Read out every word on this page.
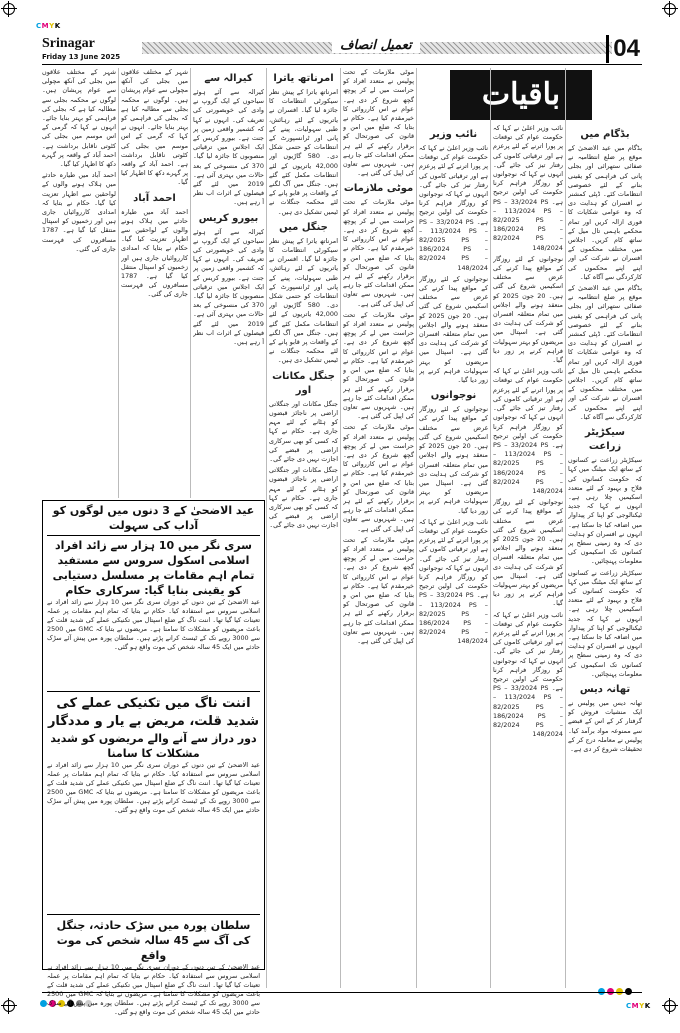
CMYK
CMYK
Srinagar
Friday 13 June 2025
تعمیل انصاف	04
باقیات
بڈگام میں
بڈگام میں عید الاضحیٰ کے موقع پر ضلع انتظامیہ نے صفائی ستھرائی اور بجلی پانی کی فراہمی کو یقینی بنانے کے لئے خصوصی انتظامات کئے۔ ڈپٹی کمشنر نے افسران کو ہدایت دی کہ وہ عوامی شکایات کا فوری ازالہ کریں اور تمام محکمے باہمی تال میل کے ساتھ کام کریں۔ اجلاس میں مختلف محکموں کے افسران نے شرکت کی اور اپنے اپنے محکموں کی کارکردگی سے آگاہ کیا۔
بڈگام میں عید الاضحیٰ کے موقع پر ضلع انتظامیہ نے صفائی ستھرائی اور بجلی پانی کی فراہمی کو یقینی بنانے کے لئے خصوصی انتظامات کئے۔ ڈپٹی کمشنر نے افسران کو ہدایت دی کہ وہ عوامی شکایات کا فوری ازالہ کریں اور تمام محکمے باہمی تال میل کے ساتھ کام کریں۔ اجلاس میں مختلف محکموں کے افسران نے شرکت کی اور اپنے اپنے محکموں کی کارکردگی سے آگاہ کیا۔
سیکڑیٹر زراعت
سیکڑیٹر زراعت نے کسانوں کے ساتھ ایک میٹنگ میں کہا کہ حکومت کسانوں کی فلاح و بہبود کے لئے متعدد اسکیمیں چلا رہی ہے۔ انہوں نے کہا کہ جدید ٹیکنالوجی کو اپنا کر پیداوار میں اضافہ کیا جا سکتا ہے۔ انہوں نے افسران کو ہدایت دی کہ وہ زمینی سطح پر کسانوں تک اسکیموں کی معلومات پہنچائیں۔
سیکڑیٹر زراعت نے کسانوں کے ساتھ ایک میٹنگ میں کہا کہ حکومت کسانوں کی فلاح و بہبود کے لئے متعدد اسکیمیں چلا رہی ہے۔ انہوں نے کہا کہ جدید ٹیکنالوجی کو اپنا کر پیداوار میں اضافہ کیا جا سکتا ہے۔ انہوں نے افسران کو ہدایت دی کہ وہ زمینی سطح پر کسانوں تک اسکیموں کی معلومات پہنچائیں۔
تھانہ دیس
تھانہ دیس میں پولیس نے ایک منشیات فروش کو گرفتار کر کے اس کے قبضے سے ممنوعہ مواد برآمد کیا۔ پولیس نے معاملہ درج کر کے تحقیقات شروع کر دی ہے۔
نائب وزیر اعلیٰ نے کہا کہ حکومت عوام کی توقعات پر پورا اترنے کے لئے پرعزم ہے اور ترقیاتی کاموں کی رفتار تیز کی جائے گی۔ انہوں نے کہا کہ نوجوانوں کو روزگار فراہم کرنا حکومت کی اولین ترجیح ہے۔ PS – 33/2024 PS – 113/2024 PS – 82/2025 PS – 186/2024 PS – 82/2024 PS – 148/2024
نوجوانوں کے لئے روزگار کے مواقع پیدا کرنے کی غرض سے مختلف اسکیمیں شروع کی گئی ہیں۔ 20 جون 2025 کو منعقد ہونے والے اجلاس میں تمام متعلقہ افسران کو شرکت کی ہدایت دی گئی ہے۔ اسپتال میں مریضوں کو بہتر سہولیات فراہم کرنے پر زور دیا گیا۔
نائب وزیر اعلیٰ نے کہا کہ حکومت عوام کی توقعات پر پورا اترنے کے لئے پرعزم ہے اور ترقیاتی کاموں کی رفتار تیز کی جائے گی۔ انہوں نے کہا کہ نوجوانوں کو روزگار فراہم کرنا حکومت کی اولین ترجیح ہے۔ PS – 33/2024 PS – 113/2024 PS – 82/2025 PS – 186/2024 PS – 82/2024 PS – 148/2024
نوجوانوں کے لئے روزگار کے مواقع پیدا کرنے کی غرض سے مختلف اسکیمیں شروع کی گئی ہیں۔ 20 جون 2025 کو منعقد ہونے والے اجلاس میں تمام متعلقہ افسران کو شرکت کی ہدایت دی گئی ہے۔ اسپتال میں مریضوں کو بہتر سہولیات فراہم کرنے پر زور دیا گیا۔
نائب وزیر اعلیٰ نے کہا کہ حکومت عوام کی توقعات پر پورا اترنے کے لئے پرعزم ہے اور ترقیاتی کاموں کی رفتار تیز کی جائے گی۔ انہوں نے کہا کہ نوجوانوں کو روزگار فراہم کرنا حکومت کی اولین ترجیح ہے۔ PS – 33/2024 PS – 113/2024 PS – 82/2025 PS – 186/2024 PS – 82/2024 PS – 148/2024
نائب وزیر
نائب وزیر اعلیٰ نے کہا کہ حکومت عوام کی توقعات پر پورا اترنے کے لئے پرعزم ہے اور ترقیاتی کاموں کی رفتار تیز کی جائے گی۔ انہوں نے کہا کہ نوجوانوں کو روزگار فراہم کرنا حکومت کی اولین ترجیح ہے۔ PS – 33/2024 PS – 113/2024 PS – 82/2025 PS – 186/2024 PS – 82/2024 PS – 148/2024
نوجوانوں کے لئے روزگار کے مواقع پیدا کرنے کی غرض سے مختلف اسکیمیں شروع کی گئی ہیں۔ 20 جون 2025 کو منعقد ہونے والے اجلاس میں تمام متعلقہ افسران کو شرکت کی ہدایت دی گئی ہے۔ اسپتال میں مریضوں کو بہتر سہولیات فراہم کرنے پر زور دیا گیا۔
نوجوانوں
نوجوانوں کے لئے روزگار کے مواقع پیدا کرنے کی غرض سے مختلف اسکیمیں شروع کی گئی ہیں۔ 20 جون 2025 کو منعقد ہونے والے اجلاس میں تمام متعلقہ افسران کو شرکت کی ہدایت دی گئی ہے۔ اسپتال میں مریضوں کو بہتر سہولیات فراہم کرنے پر زور دیا گیا۔
نائب وزیر اعلیٰ نے کہا کہ حکومت عوام کی توقعات پر پورا اترنے کے لئے پرعزم ہے اور ترقیاتی کاموں کی رفتار تیز کی جائے گی۔ انہوں نے کہا کہ نوجوانوں کو روزگار فراہم کرنا حکومت کی اولین ترجیح ہے۔ PS – 33/2024 PS – 113/2024 PS – 82/2025 PS – 186/2024 PS – 82/2024 PS – 148/2024
موٹی ملازمات کے تحت پولیس نے متعدد افراد کو حراست میں لے کر پوچھ گچھ شروع کر دی ہے۔ عوام نے اس کارروائی کا خیرمقدم کیا ہے۔ حکام نے بتایا کہ ضلع میں امن و قانون کی صورتحال کو برقرار رکھنے کے لئے ہر ممکن اقدامات کئے جا رہے ہیں۔ شہریوں سے تعاون کی اپیل کی گئی ہے۔
موٹی ملازمات
موٹی ملازمات کے تحت پولیس نے متعدد افراد کو حراست میں لے کر پوچھ گچھ شروع کر دی ہے۔ عوام نے اس کارروائی کا خیرمقدم کیا ہے۔ حکام نے بتایا کہ ضلع میں امن و قانون کی صورتحال کو برقرار رکھنے کے لئے ہر ممکن اقدامات کئے جا رہے ہیں۔ شہریوں سے تعاون کی اپیل کی گئی ہے۔
موٹی ملازمات کے تحت پولیس نے متعدد افراد کو حراست میں لے کر پوچھ گچھ شروع کر دی ہے۔ عوام نے اس کارروائی کا خیرمقدم کیا ہے۔ حکام نے بتایا کہ ضلع میں امن و قانون کی صورتحال کو برقرار رکھنے کے لئے ہر ممکن اقدامات کئے جا رہے ہیں۔ شہریوں سے تعاون کی اپیل کی گئی ہے۔
موٹی ملازمات کے تحت پولیس نے متعدد افراد کو حراست میں لے کر پوچھ گچھ شروع کر دی ہے۔ عوام نے اس کارروائی کا خیرمقدم کیا ہے۔ حکام نے بتایا کہ ضلع میں امن و قانون کی صورتحال کو برقرار رکھنے کے لئے ہر ممکن اقدامات کئے جا رہے ہیں۔ شہریوں سے تعاون کی اپیل کی گئی ہے۔
موٹی ملازمات کے تحت پولیس نے متعدد افراد کو حراست میں لے کر پوچھ گچھ شروع کر دی ہے۔ عوام نے اس کارروائی کا خیرمقدم کیا ہے۔ حکام نے بتایا کہ ضلع میں امن و قانون کی صورتحال کو برقرار رکھنے کے لئے ہر ممکن اقدامات کئے جا رہے ہیں۔ شہریوں سے تعاون کی اپیل کی گئی ہے۔
امرناتھ یاترا
امرناتھ یاترا کے پیش نظر سیکورٹی انتظامات کا جائزہ لیا گیا۔ افسران نے یاتریوں کے لئے رہائش، طبی سہولیات، پینے کے پانی اور ٹرانسپورٹ کے انتظامات کو حتمی شکل دی۔ 580 گاڑیوں اور 42,000 یاتریوں کے لئے انتظامات مکمل کئے گئے ہیں۔ جنگل میں آگ لگنے کے واقعات پر قابو پانے کے لئے محکمہ جنگلات نے ٹیمیں تشکیل دی ہیں۔
جنگل میں
امرناتھ یاترا کے پیش نظر سیکورٹی انتظامات کا جائزہ لیا گیا۔ افسران نے یاتریوں کے لئے رہائش، طبی سہولیات، پینے کے پانی اور ٹرانسپورٹ کے انتظامات کو حتمی شکل دی۔ 580 گاڑیوں اور 42,000 یاتریوں کے لئے انتظامات مکمل کئے گئے ہیں۔ جنگل میں آگ لگنے کے واقعات پر قابو پانے کے لئے محکمہ جنگلات نے ٹیمیں تشکیل دی ہیں۔
جنگل مکانات اور
جنگل مکانات اور جنگلاتی اراضی پر ناجائز قبضوں کو ہٹانے کے لئے مہم جاری ہے۔ حکام نے کہا کہ کسی کو بھی سرکاری اراضی پر قبضے کی اجازت نہیں دی جائے گی۔
جنگل مکانات اور جنگلاتی اراضی پر ناجائز قبضوں کو ہٹانے کے لئے مہم جاری ہے۔ حکام نے کہا کہ کسی کو بھی سرکاری اراضی پر قبضے کی اجازت نہیں دی جائے گی۔
کیرالہ سے
کیرالہ سے آئے ہوئے سیاحوں کے ایک گروپ نے وادی کی خوبصورتی کی تعریف کی۔ انہوں نے کہا کہ کشمیر واقعی زمین پر جنت ہے۔ بیورو کریس کے ایک اجلاس میں ترقیاتی منصوبوں کا جائزہ لیا گیا۔ 370 کی منسوخی کے بعد حالات میں بہتری آئی ہے۔ 2019 میں لئے گئے فیصلوں کے اثرات اب نظر آ رہے ہیں۔
بیورو کریس
کیرالہ سے آئے ہوئے سیاحوں کے ایک گروپ نے وادی کی خوبصورتی کی تعریف کی۔ انہوں نے کہا کہ کشمیر واقعی زمین پر جنت ہے۔ بیورو کریس کے ایک اجلاس میں ترقیاتی منصوبوں کا جائزہ لیا گیا۔ 370 کی منسوخی کے بعد حالات میں بہتری آئی ہے۔ 2019 میں لئے گئے فیصلوں کے اثرات اب نظر آ رہے ہیں۔
شہر کے مختلف علاقوں میں بجلی کی آنکھ مچولی سے عوام پریشان ہیں۔ لوگوں نے محکمہ بجلی سے مطالبہ کیا ہے کہ بجلی کی فراہمی کو بہتر بنایا جائے۔ انہوں نے کہا کہ گرمی کے اس موسم میں بجلی کی کٹوتی ناقابل برداشت ہے۔ احمد آباد کے واقعہ پر گہرے دکھ کا اظہار کیا گیا۔
احمد آباد
احمد آباد میں طیارہ حادثے میں ہلاک ہونے والوں کے لواحقین سے اظہار تعزیت کیا گیا۔ حکام نے بتایا کہ امدادی کارروائیاں جاری ہیں اور زخمیوں کو اسپتال منتقل کیا گیا ہے۔ 1787 مسافروں کی فہرست جاری کی گئی۔
شہر کے مختلف علاقوں میں بجلی کی آنکھ مچولی سے عوام پریشان ہیں۔ لوگوں نے محکمہ بجلی سے مطالبہ کیا ہے کہ بجلی کی فراہمی کو بہتر بنایا جائے۔ انہوں نے کہا کہ گرمی کے اس موسم میں بجلی کی کٹوتی ناقابل برداشت ہے۔ احمد آباد کے واقعہ پر گہرے دکھ کا اظہار کیا گیا۔
احمد آباد میں طیارہ حادثے میں ہلاک ہونے والوں کے لواحقین سے اظہار تعزیت کیا گیا۔ حکام نے بتایا کہ امدادی کارروائیاں جاری ہیں اور زخمیوں کو اسپتال منتقل کیا گیا ہے۔ 1787 مسافروں کی فہرست جاری کی گئی۔
عید الاضحیٰ کے 3 دنوں میں لوگوں کو آداب کی سہولت
سری نگر میں 10 ہزار سے زائد افراد اسلامی اسکول سروس سے مستفید
تمام اہم مقامات پر مسلسل دستیابی کو یقینی بنایا گیا: سرکاری حکام
عید الاضحیٰ کے تین دنوں کے دوران سری نگر میں 10 ہزار سے زائد افراد نے اسلامی سروس سے استفادہ کیا۔ حکام نے بتایا کہ تمام اہم مقامات پر عملہ تعینات کیا گیا تھا۔ اننت ناگ کے ضلع اسپتال میں تکنیکی عملے کی شدید قلت کے باعث مریضوں کو مشکلات کا سامنا ہے۔ مریضوں نے بتایا کہ GMC میں 2500 سے 3000 روپے تک کے ٹیسٹ کرانے پڑتے ہیں۔ سلطان پورہ میں پیش آئے سڑک حادثے میں ایک 45 سالہ شخص کی موت واقع ہو گئی۔
اننت ناگ میں تکنیکی عملے کی شدید قلت، مریض بے یار و مددگار
دور دراز سے آنے والے مریضوں کو شدید مشکلات کا سامنا
عید الاضحیٰ کے تین دنوں کے دوران سری نگر میں 10 ہزار سے زائد افراد نے اسلامی سروس سے استفادہ کیا۔ حکام نے بتایا کہ تمام اہم مقامات پر عملہ تعینات کیا گیا تھا۔ اننت ناگ کے ضلع اسپتال میں تکنیکی عملے کی شدید قلت کے باعث مریضوں کو مشکلات کا سامنا ہے۔ مریضوں نے بتایا کہ GMC میں 2500 سے 3000 روپے تک کے ٹیسٹ کرانے پڑتے ہیں۔ سلطان پورہ میں پیش آئے سڑک حادثے میں ایک 45 سالہ شخص کی موت واقع ہو گئی۔
سلطان پورہ میں سڑک حادثہ، جنگل کی آگ سے 45 سالہ شخص کی موت واقع
عید الاضحیٰ کے تین دنوں کے دوران سری نگر میں 10 ہزار سے زائد افراد نے اسلامی سروس سے استفادہ کیا۔ حکام نے بتایا کہ تمام اہم مقامات پر عملہ تعینات کیا گیا تھا۔ اننت ناگ کے ضلع اسپتال میں تکنیکی عملے کی شدید قلت کے باعث مریضوں کو مشکلات کا سامنا ہے۔ مریضوں نے بتایا کہ GMC میں 2500 سے 3000 روپے تک کے ٹیسٹ کرانے پڑتے ہیں۔ سلطان پورہ میں پیش آئے سڑک حادثے میں ایک 45 سالہ شخص کی موت واقع ہو گئی۔
